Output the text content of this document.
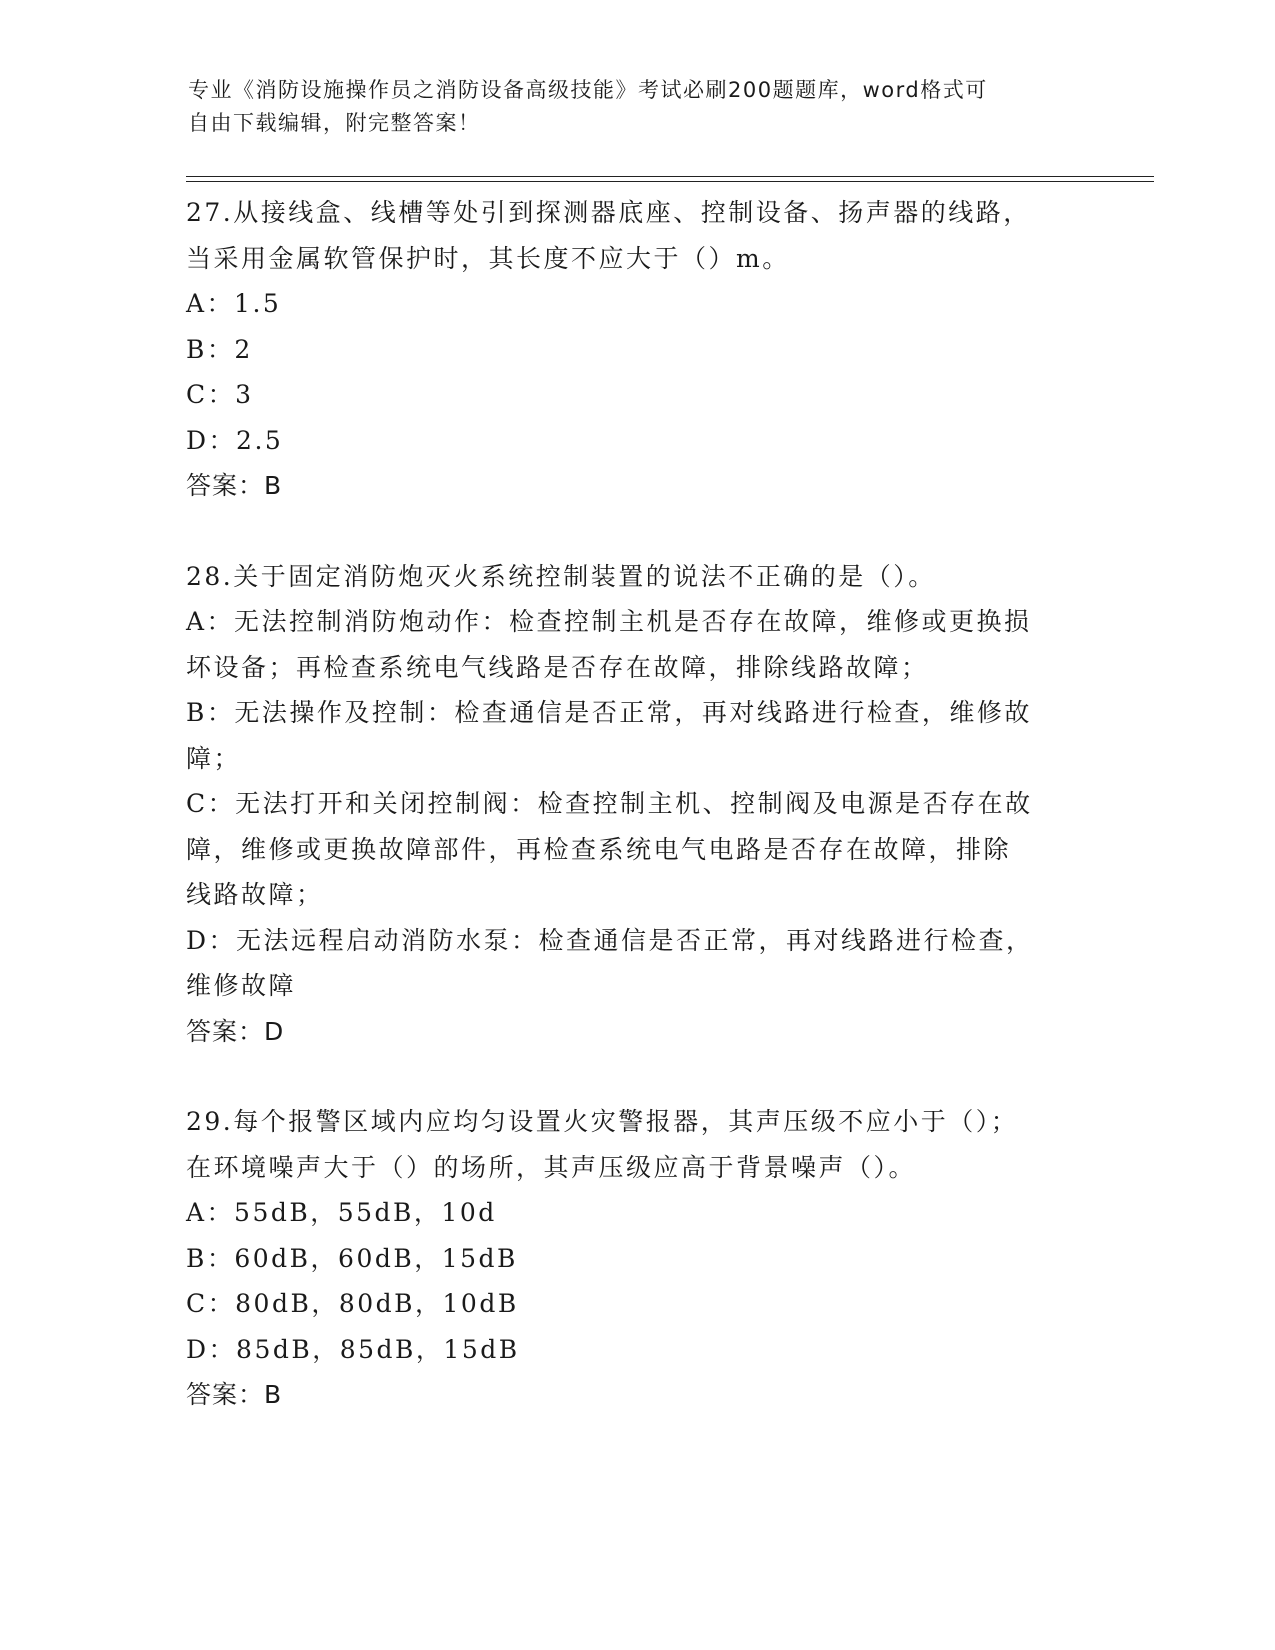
专业《消防设施操作员之消防设备高级技能》考试必刷200题题库，word格式可
自由下载编辑，附完整答案！
27.从接线盒、线槽等处引到探测器底座、控制设备、扬声器的线路，
当采用金属软管保护时，其长度不应大于（）m。
A：1.5
B：2
C：3
D：2.5
答案：B
28.关于固定消防炮灭火系统控制装置的说法不正确的是（）。
A：无法控制消防炮动作：检查控制主机是否存在故障，维修或更换损
坏设备；再检查系统电气线路是否存在故障，排除线路故障；
B：无法操作及控制：检查通信是否正常，再对线路进行检查，维修故
障；
C：无法打开和关闭控制阀：检查控制主机、控制阀及电源是否存在故
障，维修或更换故障部件，再检查系统电气电路是否存在故障，排除
线路故障；
D：无法远程启动消防水泵：检查通信是否正常，再对线路进行检查，
维修故障
答案：D
29.每个报警区域内应均匀设置火灾警报器，其声压级不应小于（）；
在环境噪声大于（）的场所，其声压级应高于背景噪声（）。
A：55dB，55dB，10d
B：60dB，60dB，15dB
C：80dB，80dB，10dB
D：85dB，85dB，15dB
答案：B
